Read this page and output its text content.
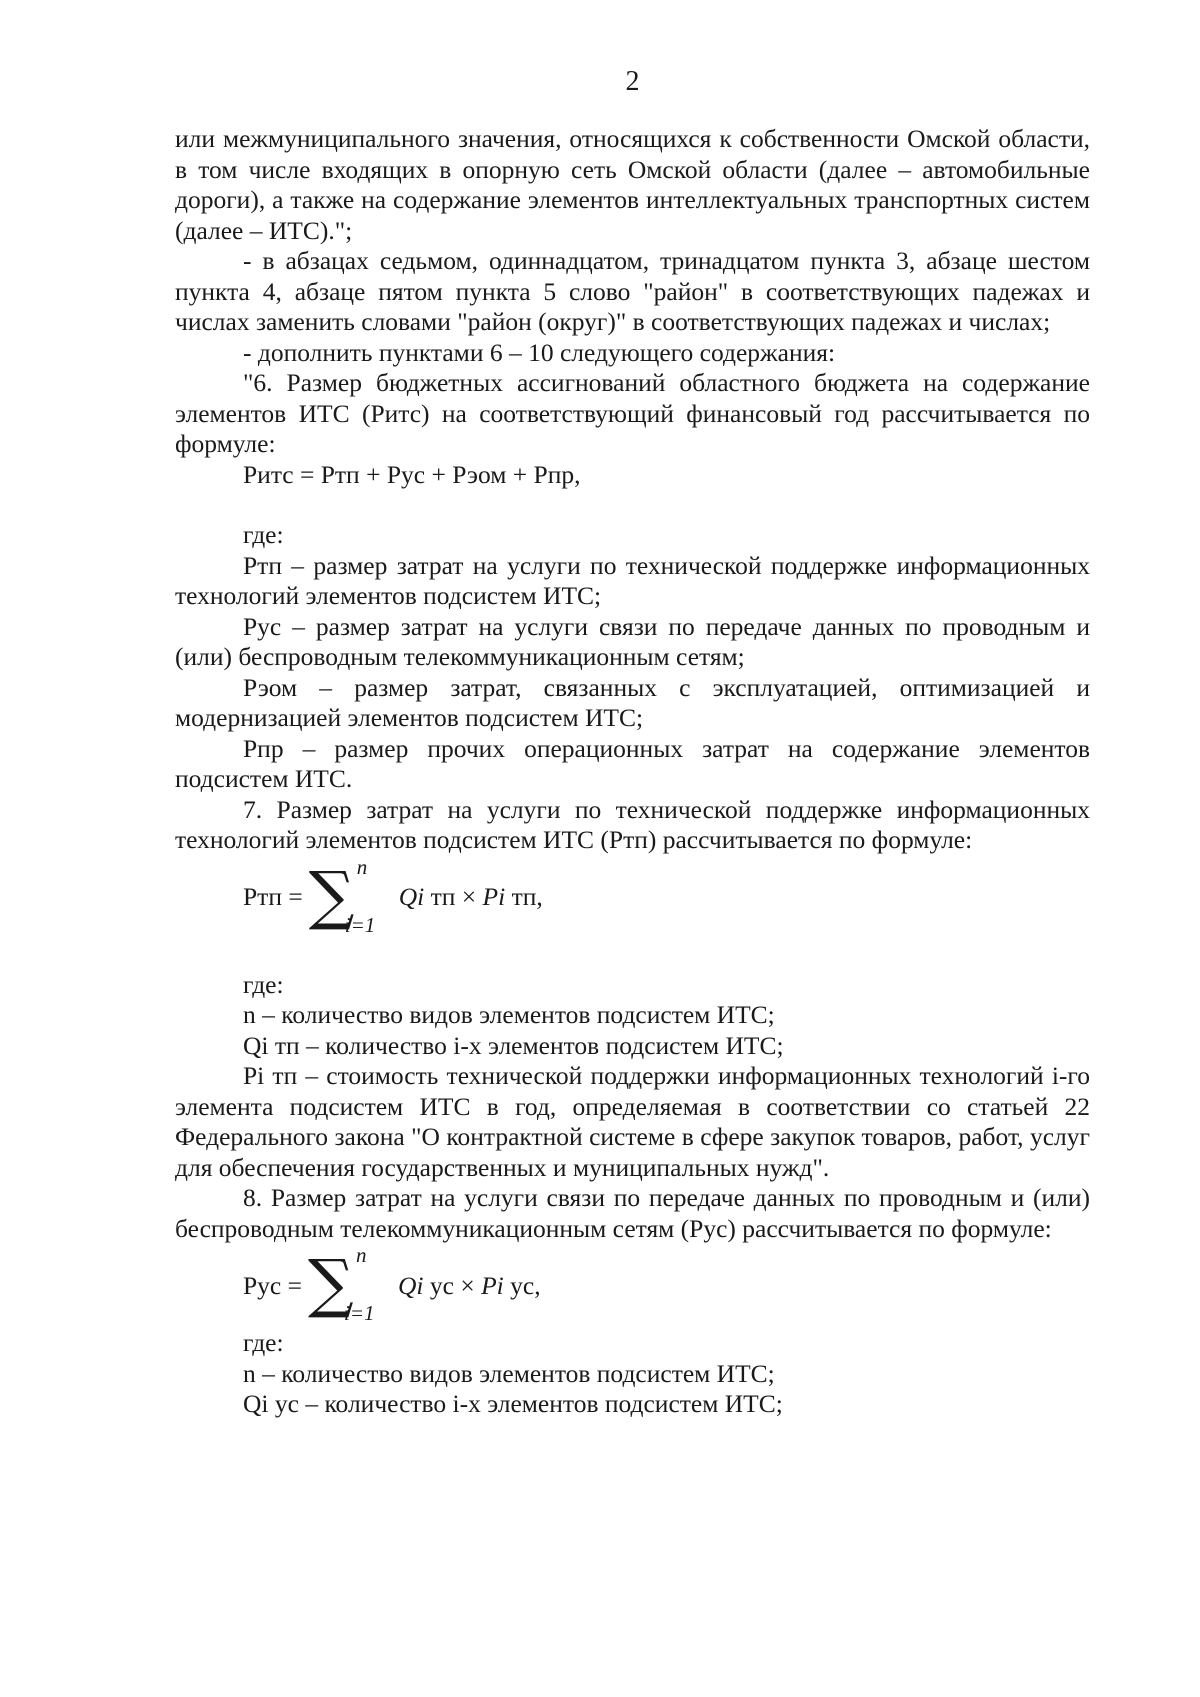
2

или межмуниципального значения, относящихся к собственности Омской области, в том числе входящих в опорную сеть Омской области (далее – автомобильные дороги), а также на содержание элементов интеллектуальных транспортных систем (далее – ИТС).";

- в абзацах седьмом, одиннадцатом, тринадцатом пункта 3, абзаце шестом пункта 4, абзаце пятом пункта 5 слово "район" в соответствующих падежах и числах заменить словами "район (округ)" в соответствующих падежах и числах;

- дополнить пунктами 6 – 10 следующего содержания:

"6. Размер бюджетных ассигнований областного бюджета на содержание элементов ИТС (Ритс) на соответствующий финансовый год рассчитывается по формуле:

Ритс = Ртп + Рус + Рэом + Рпр,

где:

Ртп – размер затрат на услуги по технической поддержке информационных технологий элементов подсистем ИТС;

Рус – размер затрат на услуги связи по передаче данных по проводным и (или) беспроводным телекоммуникационным сетям;

Рэом – размер затрат, связанных с эксплуатацией, оптимизацией и модернизацией элементов подсистем ИТС;

Рпр – размер прочих операционных затрат на содержание элементов подсистем ИТС.

7. Размер затрат на услуги по технической поддержке информационных технологий элементов подсистем ИТС (Ртп) рассчитывается по формуле:

Ртп = ∑ n
i=1
Qi тп × Pi тп,

где:

n – количество видов элементов подсистем ИТС;

Qi тп – количество i-х элементов подсистем ИТС;

Pi тп – стоимость технической поддержки информационных технологий i-го элемента подсистем ИТС в год, определяемая в соответствии со статьей 22 Федерального закона "О контрактной системе в сфере закупок товаров, работ, услуг для обеспечения государственных и муниципальных нужд".

8. Размер затрат на услуги связи по передаче данных по проводным и (или) беспроводным телекоммуникационным сетям (Рус) рассчитывается по формуле:

Рус = ∑ n
i=1
Qi ус × Pi ус,

где:

n – количество видов элементов подсистем ИТС;

Qi ус – количество i-х элементов подсистем ИТС;
